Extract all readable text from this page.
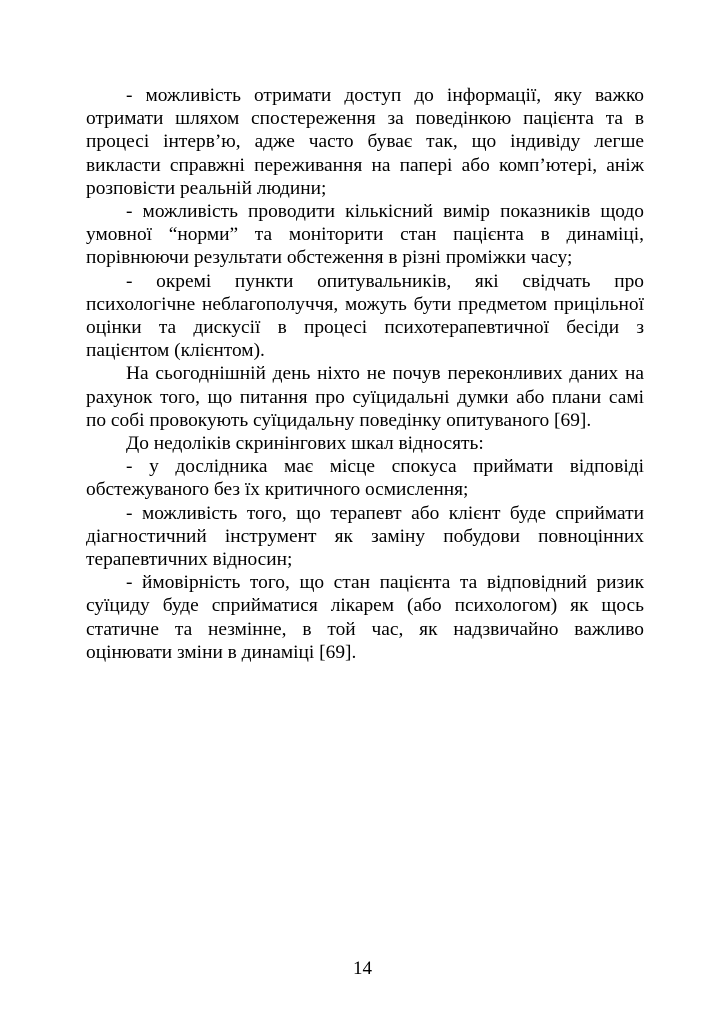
- можливість отримати доступ до інформації, яку важко отримати шляхом спостереження за поведінкою пацієнта та в процесі інтерв’ю, адже часто буває так, що індивіду легше викласти справжні переживання на папері або комп’ютері, аніж розповісти реальній людини;

- можливість проводити кількісний вимір показників щодо умовної “норми” та моніторити стан пацієнта в динаміці, порівнюючи результати обстеження в різні проміжки часу;

- окремі пункти опитувальників, які свідчать про психологічне неблагополуччя, можуть бути предметом прицільної оцінки та дискусії в процесі психотерапевтичної бесіди з пацієнтом (клієнтом).

На сьогоднішній день ніхто не почув переконливих даних на рахунок того, що питання про суїцидальні думки або плани самі по собі провокують суїцидальну поведінку опитуваного [69].

До недоліків скринінгових шкал відносять:

- у дослідника має місце спокуса приймати відповіді обстежуваного без їх критичного осмислення;

- можливість того, що терапевт або клієнт буде сприймати діагностичний інструмент як заміну побудови повноцінних терапевтичних відносин;

- ймовірність того, що стан пацієнта та відповідний ризик суїциду буде сприйматися лікарем (або психологом) як щось статичне та незмінне, в той час, як надзвичайно важливо оцінювати зміни в динаміці [69].

14
